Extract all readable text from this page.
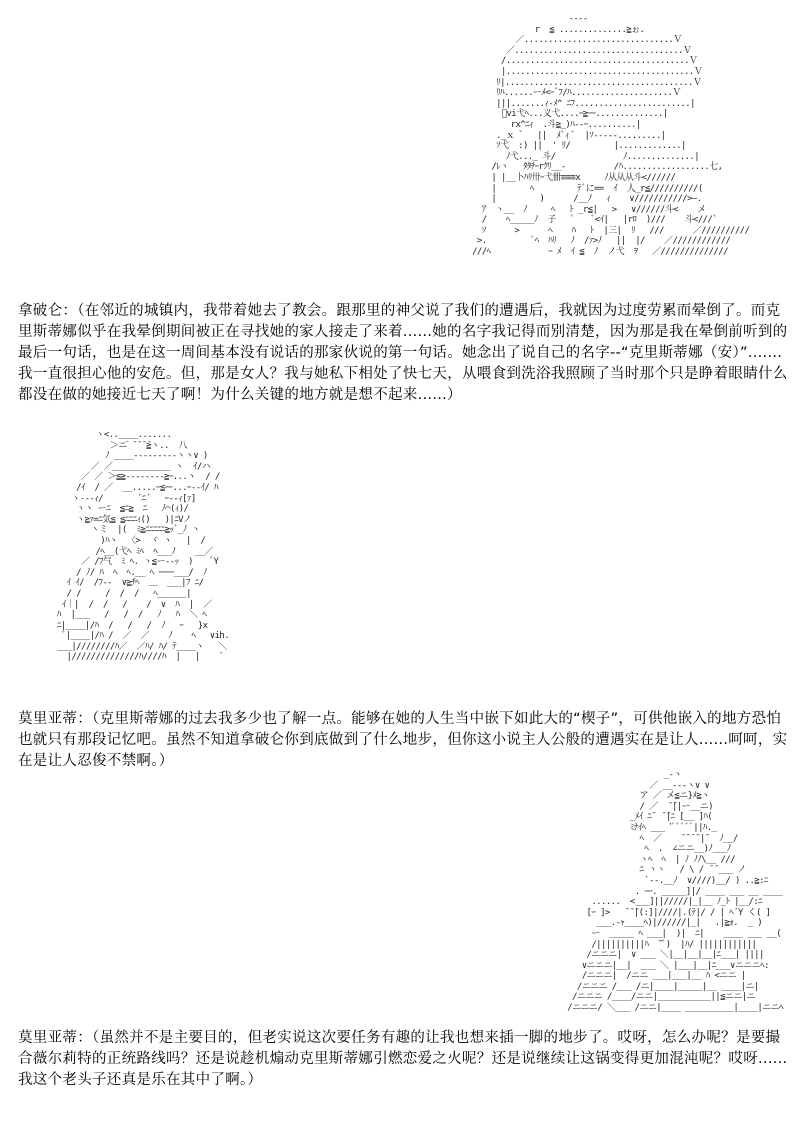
----
r  ≦ ..............≧ぉ.
／...............................Ｖ
／...................................Ｖ
/......................................Ｖ
|.......................................Ｖ
ﾘ|.......................................Ｖ
ﾘﾊ......ーﾒ<ｰﾞﾌ/ﾊ.....................Ｖ
|||.......ｨ-ﾒ^ ﾆﾌ........................|
ﾞvi弋ﾍ...义弋....ｰ≧ｰｰ..............|
rx^ﾆｨ  .斗≧_)ﾊ--ｰ..........|
._ｘ ゛  ||  ﾒﾞｨ ﾞ  |ｿ-----.........|
ｿ弋  :) ||  ' ﾘ/         |.............|
ﾉ弋..._ 斗/              ﾉ..............|
/ﾚヽ   ﾀﾀﾁｰrｸﾘ__-          /ﾊ..................七,
| |__卜ﾊﾘ卅ｰ弋卌≡≡≡x     ﾉ从从从斗<//////
|       ﾍ         ﾃﾞに==  ｲ  人_r≦//////////(
|         )      /__ﾉ   ｨ    ∨///////////>—.
ｱ  ヽ__  ﾉ     ﾍ   ﾄ _r≦|   >   ∨//////斗<    メ
/    ﾍ_____ﾉ  子   ﾟ    ﾞ<ｲ|   |rﾛ  )///    斗<///`
ｿ      >      ﾍ    ﾊ   ﾄ  |三|  ﾘ   ///      ／//////////
>.         `ﾍ  ﾊﾘ   ﾉ  /ｧ>ﾉ   ||  |/    ／////////////
///ﾍ            ｰ ﾒ  ｲ ≦  ﾉ  ノ弋  ｦ   ／//////////////

拿破仑：（在邻近的城镇内，我带着她去了教会。跟那里的神父说了我们的遭遇后，我就因为过度劳累而晕倒了。而克里斯蒂娜似乎在我晕倒期间被正在寻找她的家人接走了来着......她的名字我记得而别清楚，因为那是我在晕倒前听到的最后一句话，也是在这一周间基本没有说话的那家伙说的第一句话。她念出了说自己的名字--“克里斯蒂娜（安）”.......我一直很担心他的安危。但，那是女人？我与她私下相处了快七天，从喂食到洗浴我照顾了当时那个只是睁着眼睛什么都没在做的她接近七天了啊！为什么关键的地方就是想不起来......）

ヽ<..____.......
＞ニ̄ ̄ ̄ ̄ ̄≧ヽ..  八
ﾉ ____---------ヽヽ∨ )
／ ／____________ ヽ  ｲ/ハ
／ ／ ＞≦≧--------≧ｰ...ヽ  / /
/ｲ  / ／  __.....ｰ≦ｰｰ...ｰ--ｲ/ ﾊ
ヽ---ｨ/       ´ﾆ´   ｰ--ｨ[ｧ]
ヽヽ ーﾆ  ≦ﾆ≧  ﾆ   ﾉ⌒(ｨ)/
ヽ≧ｧ=ﾆ気≦ ≦ﾆﾆﾆｨ()   )|ﾆVノ
ヽミ  |(  ﾐ≧ﾆﾆﾆﾆﾆ≧ｯﾞ_ﾉ ヽ
)ﾊヽ  〈>  ヾ ヽ   |  /
/ﾍ__(弋ﾍ ﾐﾍ  ﾍ___ﾉ    __／
／ /ﾌ气  ﾐ ﾍ. ヽ≦ー--ｯ  )    ﾟY
/ ﾉ/ ﾊ  ﾍ  ﾍ.__ ﾍ ｰｰｰｰ___/  ﾉ
ｲ ｲ/  /ﾌ--  ∨≧ﾁﾍ  ＿  ___|ﾌ ﾆ/
/ /     /  /  /   ﾍ______|
ｲ｜|  /  /   /    /  ∨  ﾊ  |  ／
ﾊ  |___   /   /  /   ﾉ   ﾊ  ＼ ﾍ
ﾆ|____|/ﾊ  /   /   /  ﾉ   ｰ   }x
ﾟ|____|/ﾊ /  ／  ／    ﾉ    ﾍ   ∨ih.
___|////////ﾊ／  ／ﾊ/ ﾊ/ ﾃ____ヽ   ＼
|//////////////ﾊ////ﾊ  |   |    `

莫里亚蒂：（克里斯蒂娜的过去我多少也了解一点。能够在她的人生当中嵌下如此大的“楔子”，可供他嵌入的地方恐怕也就只有那段记忆吧。虽然不知道拿破仑你到底做到了什么地步，但你这小说主人公般的遭遇实在是让人......呵呵，实在是让人忍俊不禁啊。）

_-ヽ
／ __---ヽ∨ ∨
ア ／ メ≦ニ}ﾒ≧ヽ
/ ／  ̄ ̄||ー__ニ)
_ﾒｲ ﾆ¯ ̄ ̄|ﾆ [__ ]ﾊ(
ﾐﾅｲﾍ ___ 'ﾞﾞﾞﾞﾞ||ﾊ._
ﾍ  ／    ¯¯¯¯|¯  ﾉ__/
ﾍ  .  ∠ニニ__)ﾉ___ﾉ
ヽﾍ  ﾍ  | ﾉ ﾉﾉ\__ ///
ﾆ ヽヽ   / \ / ̄ ̄ ___ ノ
`--.__ﾉ  ∨////)__/ ) ..≧:ﾆ
. ｰｰ. _____]|/ ____ ___ __ ____
......  <___]||/////|_|__ ﾉ_ﾄ |__/:ﾆ
[ｰ ]>   ̄ ̄ ̄|(:]|////|.(ﾃ|/ / | ﾍ´Y く( ]
___.-ｬ____ﾍ)|//////|_|   .|≧ｫ.  _ )
ー  _____ ﾍ ___|  )|  ﾆ|    ____ ___ __(
/||||||||||ﾊ  ̄`ﾞ)  |ﾊ/ ||||||||||||
/ニニニ|  ∨ ___ ＼|__|__|__|ﾆ___| ||||
∨ニニニ|__|  ___ ＼ |___|__|ﾆ___∨ニニニﾍ:
/ニニニ|  /ニニ ___|___|__ ﾊ <ニニ |
/ニニニ /___ /ニ|____|_____|__ ____|ニ|
/ニニニ /____/ニニ|___________||≦ニニ|ニ
/ニニニ/ ＼___ /ニニ|____ __________|____|ニニﾍ

莫里亚蒂：（虽然并不是主要目的，但老实说这次要任务有趣的让我也想来插一脚的地步了。哎呀，怎么办呢？是要撮合薇尔莉特的正统路线吗？还是说趁机煽动克里斯蒂娜引燃恋爱之火呢？还是说继续让这锅变得更加混沌呢？哎呀......我这个老头子还真是乐在其中了啊。）
